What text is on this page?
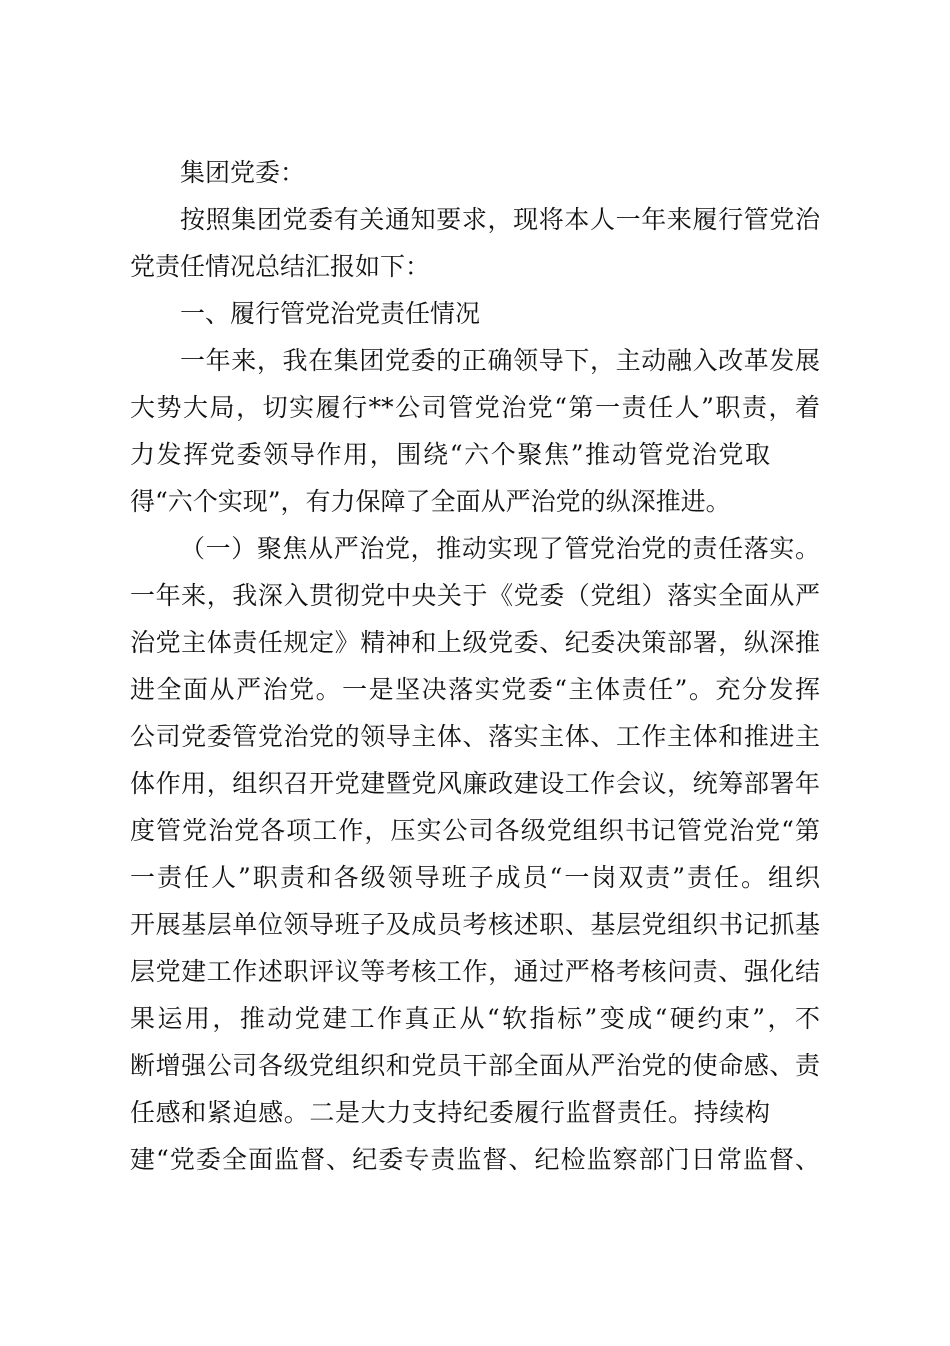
集团党委：
按照集团党委有关通知要求，现将本人一年来履行管党治
党责任情况总结汇报如下：
一、履行管党治党责任情况
一年来，我在集团党委的正确领导下，主动融入改革发展
大势大局，切实履行**公司管党治党“第一责任人”职责，着
力发挥党委领导作用，围绕“六个聚焦”推动管党治党取
得“六个实现”，有力保障了全面从严治党的纵深推进。
（一）聚焦从严治党，推动实现了管党治党的责任落实。
一年来，我深入贯彻党中央关于《党委（党组）落实全面从严
治党主体责任规定》精神和上级党委、纪委决策部署，纵深推
进全面从严治党。一是坚决落实党委“主体责任”。充分发挥
公司党委管党治党的领导主体、落实主体、工作主体和推进主
体作用，组织召开党建暨党风廉政建设工作会议，统筹部署年
度管党治党各项工作，压实公司各级党组织书记管党治党“第
一责任人”职责和各级领导班子成员“一岗双责”责任。组织
开展基层单位领导班子及成员考核述职、基层党组织书记抓基
层党建工作述职评议等考核工作，通过严格考核问责、强化结
果运用，推动党建工作真正从“软指标”变成“硬约束”，不
断增强公司各级党组织和党员干部全面从严治党的使命感、责
任感和紧迫感。二是大力支持纪委履行监督责任。持续构
建“党委全面监督、纪委专责监督、纪检监察部门日常监督、
